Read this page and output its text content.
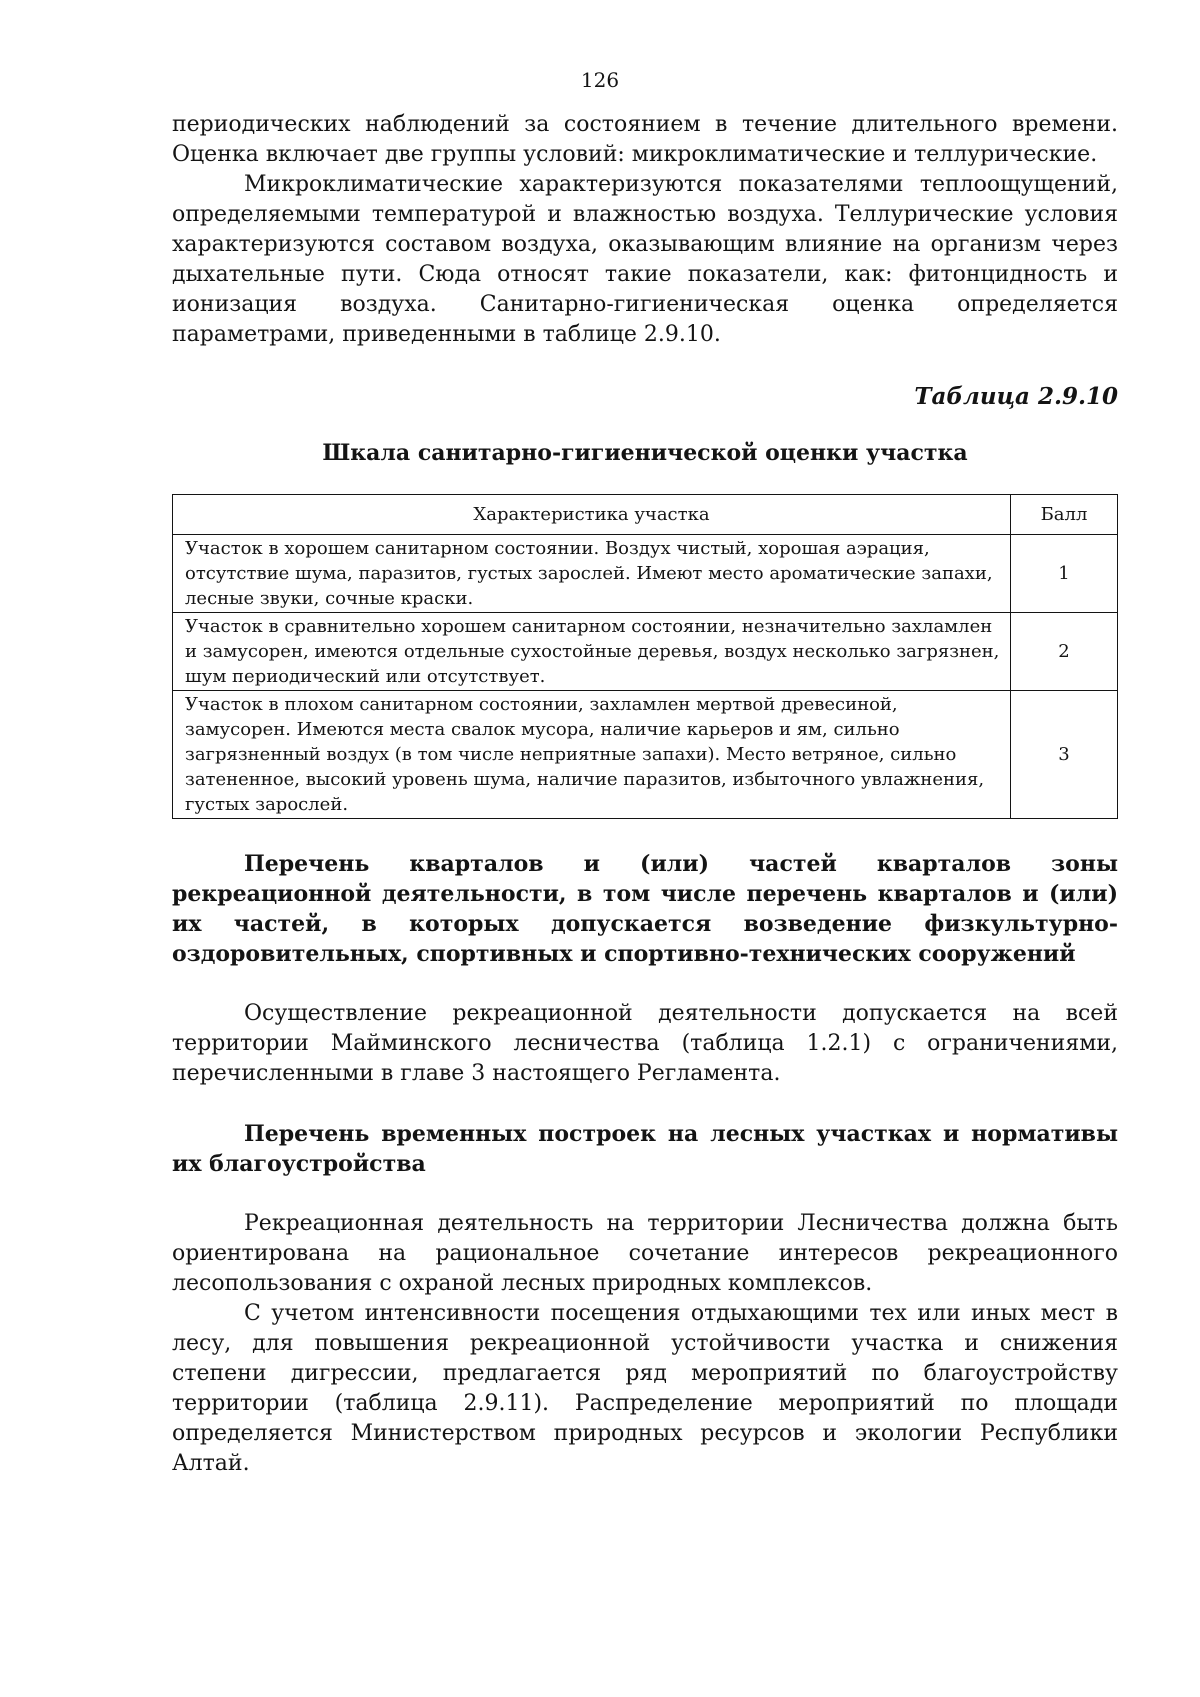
126

периодических наблюдений за состоянием в течение длительного времени. Оценка включает две группы условий: микроклиматические и теллурические.

Микроклиматические характеризуются показателями теплоощущений, определяемыми температурой и влажностью воздуха. Теллурические условия характеризуются составом воздуха, оказывающим влияние на организм через дыхательные пути. Сюда относят такие показатели, как: фитонцидность и ионизация воздуха. Санитарно-гигиеническая оценка определяется параметрами, приведенными в таблице 2.9.10.

Таблица 2.9.10
Шкала санитарно-гигиенической оценки участка
Характеристика участка	Балл
Участок в хорошем санитарном состоянии. Воздух чистый, хорошая аэрация, отсутствие шума, паразитов, густых зарослей. Имеют место ароматические запахи, лесные звуки, сочные краски.	1
Участок в сравнительно хорошем санитарном состоянии, незначительно захламлен и замусорен, имеются отдельные сухостойные деревья, воздух несколько загрязнен, шум периодический или отсутствует.	2
Участок в плохом санитарном состоянии, захламлен мертвой древесиной, замусорен. Имеются места свалок мусора, наличие карьеров и ям, сильно загрязненный воздух (в том числе неприятные запахи). Место ветряное, сильно затененное, высокий уровень шума, наличие паразитов, избыточного увлажнения, густых зарослей.	3
Перечень кварталов и (или) частей кварталов зоны рекреационной деятельности, в том числе перечень кварталов и (или) их частей, в которых допускается возведение физкультурно-оздоровительных, спортивных и спортивно-технических сооружений

Осуществление рекреационной деятельности допускается на всей территории Майминского лесничества (таблица 1.2.1) с ограничениями, перечисленными в главе 3 настоящего Регламента.

Перечень временных построек на лесных участках и нормативы их благоустройства

Рекреационная деятельность на территории Лесничества должна быть ориентирована на рациональное сочетание интересов рекреационного лесопользования с охраной лесных природных комплексов.

С учетом интенсивности посещения отдыхающими тех или иных мест в лесу, для повышения рекреационной устойчивости участка и снижения степени дигрессии, предлагается ряд мероприятий по благоустройству территории (таблица 2.9.11). Распределение мероприятий по площади определяется Министерством природных ресурсов и экологии Республики Алтай.
